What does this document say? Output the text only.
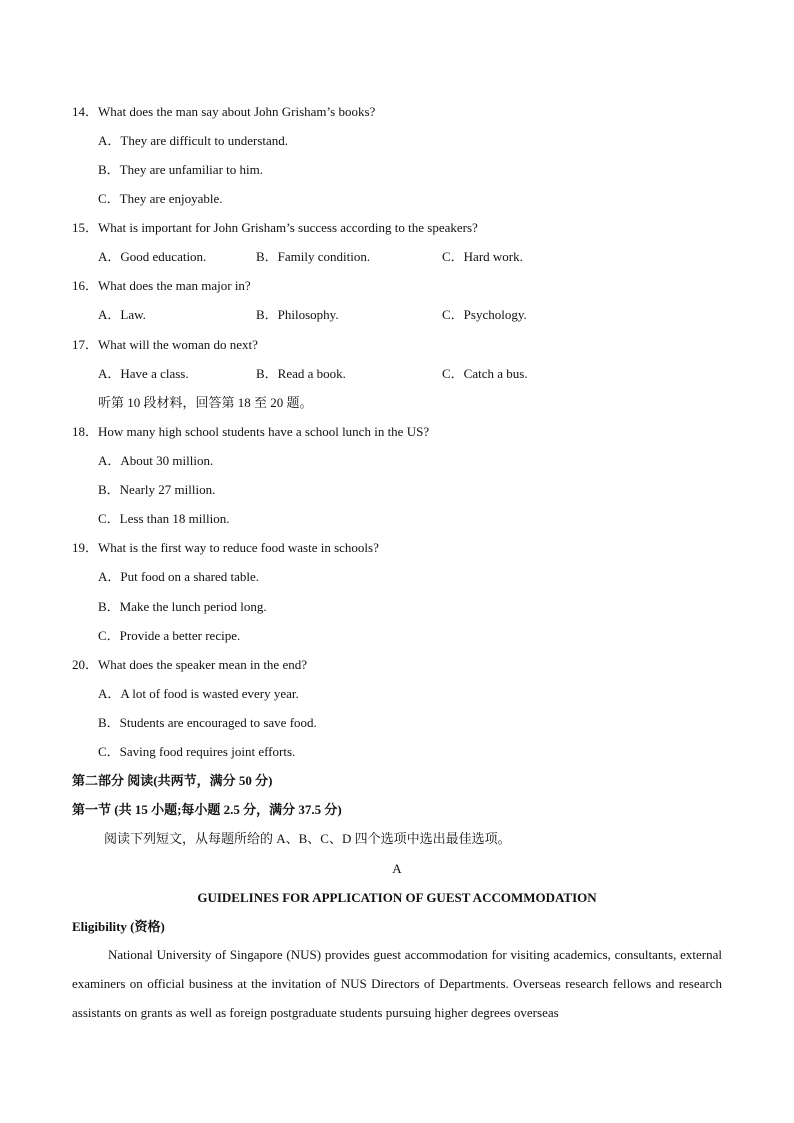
14．What does the man say about John Grisham’s books?
A．They are difficult to understand.
B．They are unfamiliar to him.
C．They are enjoyable.
15．What is important for John Grisham’s success according to the speakers?
A．Good education.	B．Family condition.	C．Hard work.
16．What does the man major in?
A．Law.	B．Philosophy.	C．Psychology.
17．What will the woman do next?
A．Have a class.	B．Read a book.	C．Catch a bus.
听第 10 段材料，回答第 18 至 20 题。
18．How many high school students have a school lunch in the US?
A．About 30 million.
B．Nearly 27 million.
C．Less than 18 million.
19．What is the first way to reduce food waste in schools?
A．Put food on a shared table.
B．Make the lunch period long.
C．Provide a better recipe.
20．What does the speaker mean in the end?
A．A lot of food is wasted every year.
B．Students are encouraged to save food.
C．Saving food requires joint efforts.
第二部分 阅读(共两节，满分 50 分)
第一节 (共 15 小题;每小题 2.5 分，满分 37.5 分)
阅读下列短文，从每题所给的 A、B、C、D 四个选项中选出最佳选项。
A
GUIDELINES FOR APPLICATION OF GUEST ACCOMMODATION
Eligibility (资格)
National University of Singapore (NUS) provides guest accommodation for visiting academics, consultants, external examiners on official business at the invitation of NUS Directors of Departments. Overseas research fellows and research assistants on grants as well as foreign postgraduate students pursuing higher degrees overseas
